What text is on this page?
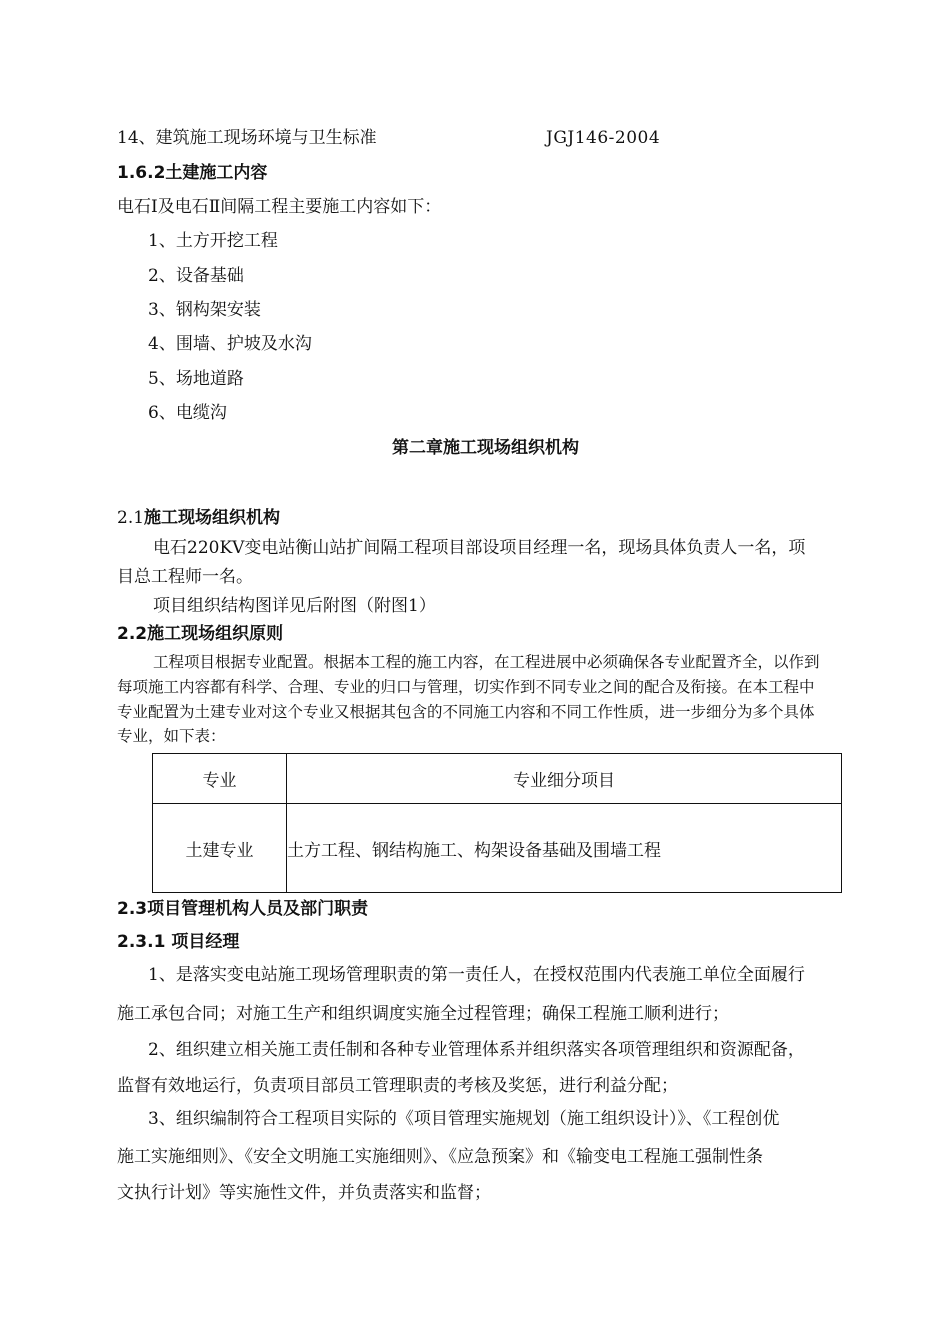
14、建筑施工现场环境与卫生标准	JGJ146-2004
1.6.2土建施工内容
电石Ⅰ及电石Ⅱ间隔工程主要施工内容如下：
1、土方开挖工程
2、设备基础
3、钢构架安装
4、围墙、护坡及水沟
5、场地道路
6、电缆沟
第二章施工现场组织机构
2.1施工现场组织机构
电石220KV变电站衡山站扩间隔工程项目部设项目经理一名，现场具体负责人一名，项
目总工程师一名。
项目组织结构图详见后附图（附图1）
2.2施工现场组织原则
工程项目根据专业配置。根据本工程的施工内容，在工程进展中必须确保各专业配置齐全，以作到
每项施工内容都有科学、合理、专业的归口与管理，切实作到不同专业之间的配合及衔接。在本工程中
专业配置为土建专业对这个专业又根据其包含的不同施工内容和不同工作性质，进一步细分为多个具体
专业，如下表：
专业	专业细分项目
土建专业	土方工程、钢结构施工、构架设备基础及围墙工程
2.3项目管理机构人员及部门职责
2.3.1 项目经理
1、是落实变电站施工现场管理职责的第一责任人，在授权范围内代表施工单位全面履行
施工承包合同；对施工生产和组织调度实施全过程管理；确保工程施工顺利进行；
2、组织建立相关施工责任制和各种专业管理体系并组织落实各项管理组织和资源配备，
监督有效地运行，负责项目部员工管理职责的考核及奖惩，进行利益分配；
3、组织编制符合工程项目实际的《项目管理实施规划（施工组织设计）》、《工程创优
施工实施细则》、《安全文明施工实施细则》、《应急预案》和《输变电工程施工强制性条
文执行计划》等实施性文件，并负责落实和监督；
